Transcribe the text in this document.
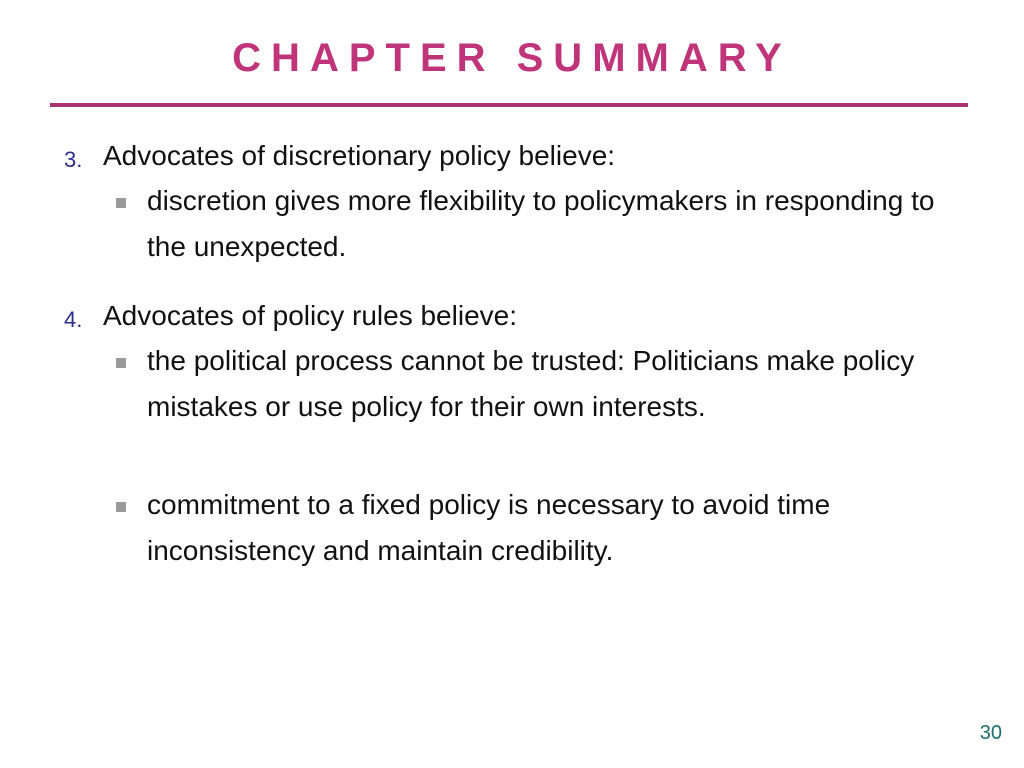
CHAPTER SUMMARY
3. Advocates of discretionary policy believe:
discretion gives more flexibility to policymakers in responding to the unexpected.
4. Advocates of policy rules believe:
the political process cannot be trusted: Politicians make policy mistakes or use policy for their own interests.
commitment to a fixed policy is necessary to avoid time inconsistency and maintain credibility.
30
